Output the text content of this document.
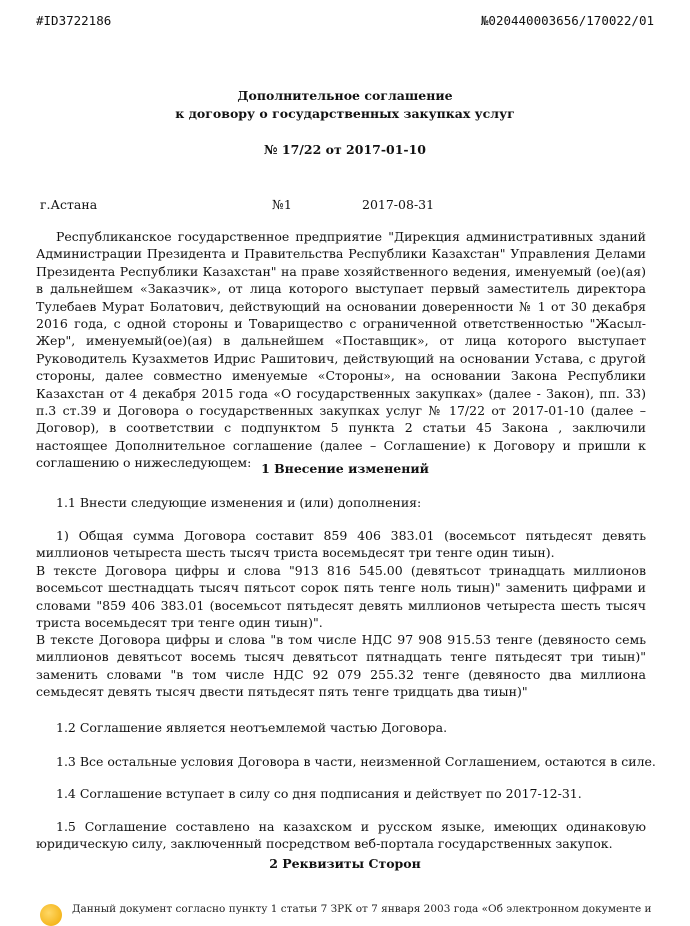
#ID3722186	№020440003656/170022/01
Дополнительное соглашение
к договору о государственных закупках услуг
№ 17/22 от 2017-01-10
г.Астана	№1	2017-08-31
Республиканское государственное предприятие "Дирекция административных зданий Администрации Президента и Правительства Республики Казахстан" Управления Делами Президента Республики Казахстан" на праве хозяйственного ведения, именуемый (ое)(ая) в дальнейшем «Заказчик», от лица которого выступает первый заместитель директора Тулебаев Мурат Болатович, действующий на основании доверенности № 1 от 30 декабря 2016 года, с одной стороны и Товарищество с ограниченной ответственностью "Жасыл-Жер", именуемый(ое)(ая) в дальнейшем «Поставщик», от лица которого выступает Руководитель Кузахметов Идрис Рашитович, действующий на основании Устава, с другой стороны, далее совместно именуемые «Стороны», на основании Закона Республики Казахстан от 4 декабря 2015 года «О государственных закупках» (далее - Закон), пп. 33) п.3 ст.39 и Договора о государственных закупках услуг № 17/22 от 2017-01-10 (далее – Договор), в соответствии с подпунктом 5 пункта 2 статьи 45 Закона , заключили настоящее Дополнительное соглашение (далее – Соглашение) к Договору и пришли к соглашению о нижеследующем: 1 Внесение изменений
1.1 Внести следующие изменения и (или) дополнения:
1) Общая сумма Договора составит 859 406 383.01 (восемьсот пятьдесят девять миллионов четыреста шесть тысяч триста восемьдесят три тенге один тиын).
В тексте Договора цифры и слова "913 816 545.00 (девятьсот тринадцать миллионов восемьсот шестнадцать тысяч пятьсот сорок пять тенге ноль тиын)" заменить цифрами и словами "859 406 383.01 (восемьсот пятьдесят девять миллионов четыреста шесть тысяч триста восемьдесят три тенге один тиын)".
В тексте Договора цифры и слова "в том числе НДС 97 908 915.53 тенге (девяносто семь миллионов девятьсот восемь тысяч девятьсот пятнадцать тенге пятьдесят три тиын)" заменить словами "в том числе НДС 92 079 255.32 тенге (девяносто два миллиона семьдесят девять тысяч двести пятьдесят пять тенге тридцать два тиын)"
1.2 Соглашение является неотъемлемой частью Договора.
1.3 Все остальные условия Договора в части, неизменной Соглашением, остаются в силе.
1.4 Соглашение вступает в силу со дня подписания и действует по 2017-12-31.
1.5 Соглашение составлено на казахском и русском языке, имеющих одинаковую юридическую силу, заключенный посредством веб-портала государственных закупок.
2 Реквизиты Сторон
Данный документ согласно пункту 1 статьи 7 ЗРК от 7 января 2003 года «Об электронном документе и
